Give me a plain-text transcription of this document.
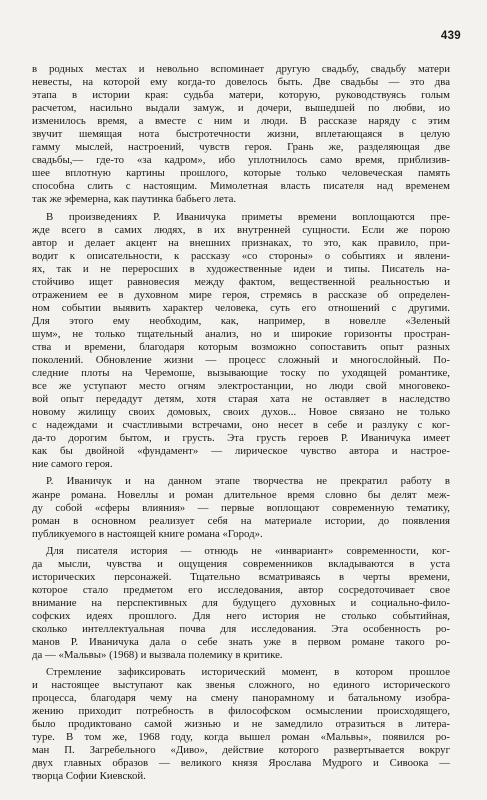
439
в родных местах и невольно вспоминает другую свадьбу, свадьбу матери
невесты, на которой ему когда-то довелось быть. Две свадьбы — это два
этапа в истории края: судьба матери, которую, руководствуясь голым
расчетом, насильно выдали замуж, и дочери, вышедшей по любви, ио
изменилось время, а вместе с ним и люди. В рассказе наряду с этим
звучит шемящая нота быстротечности жизни, вплетающаяся в целую
гамму мыслей, настроений, чувств героя. Грань же, разделяющая две
свадьбы,— где-то «за кадром», ибо уплотнилось само время, приблизив-
шее вплотную картины прошлого, которые только человеческая память
способна слить с настоящим. Мимолетная власть писателя над временем
так же эфемерна, как паутинка бабьего лета.
В произведениях Р. Иваничука приметы времени воплощаются пре-
жде всего в самих людях, в их внутренней сущности. Если же порою
автор и делает акцент на внешних признаках, то это, как правило, при-
водит к описательности, к рассказу «со стороны» о событиях и явлени-
ях, так и не переросших в художественные идеи и типы. Писатель на-
стойчиво ищет равновесия между фактом, вещественной реальностью и
отражением ее в духовном мире героя, стремясь в рассказе об определен-
ном событии выявить характер человека, суть его отношений с другими.
Для этого ему необходим, как, например, в новелле «Зеленый
шум», не только тщательный анализ, но и широкие горизонты простран-
ства и времени, благодаря которым возможно сопоставить опыт разных
поколений. Обновление жизни — процесс сложный и многослойный. По-
следние плоты на Черемоше, вызывающие тоску по уходящей романтике,
все же уступают место огням электростанции, но люди свой многовеко-
вой опыт передадут детям, хотя старая хата не оставляет в наследство
новому жилищу своих домовых, своих духов... Новое связано не только
с надеждами и счастливыми встречами, оно несет в себе и разлуку с ког-
да-то дорогим бытом, и грусть. Эта грусть героев Р. Иваничука имеет
как бы двойной «фундамент» — лирическое чувство автора и настрое-
ние самого героя.
Р. Иваничук и на данном этапе творчества не прекратил работу в
жанре романа. Новеллы и роман длительное время словно бы делят меж-
ду собой «сферы влияния» — первые воплощают современную тематику,
роман в основном реализует себя на материале истории, до появления
публикуемого в настоящей книге романа «Город».
Для писателя история — отнюдь не «инвариант» современности, ког-
да мысли, чувства и ощущения современников вкладываются в уста
исторических персонажей. Тщательно всматриваясь в черты времени,
которое стало предметом его исследования, автор сосредоточивает свое
внимание на перспективных для будущего духовных и социально-фило-
софских идеях прошлого. Для него история не столько событийная,
сколько интеллектуальная почва для исследования. Эта особенность ро-
манов Р. Иваничука дала о себе знать уже в первом романе такого ро-
да — «Мальвы» (1968) и вызвала полемику в критике.
Стремление зафиксировать исторический момент, в котором прошлое
и настоящее выступают как звенья сложного, но единого исторического
процесса, благодаря чему на смену панорамному и батальному изобра-
жению приходит потребность в философском осмыслении происходящего,
было продиктовано самой жизнью и не замедлило отразиться в литера-
туре. В том же, 1968 году, когда вышел роман «Мальвы», появился ро-
ман П. Загребельного «Диво», действие которого развертывается вокруг
двух главных образов — великого князя Ярослава Мудрого и Сивоока —
творца Софии Киевской.
